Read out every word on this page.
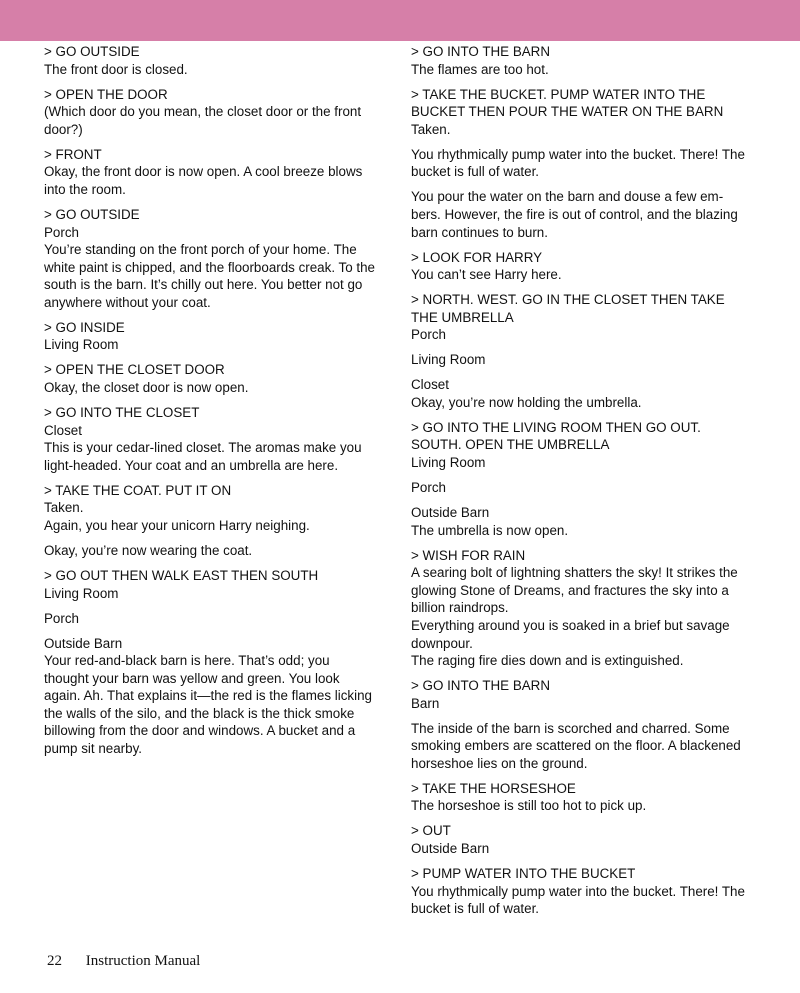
> GO OUTSIDE
The front door is closed.
> OPEN THE DOOR
(Which door do you mean, the closet door or the front
door?)
> FRONT
Okay, the front door is now open. A cool breeze blows
into the room.
> GO OUTSIDE
Porch
You’re standing on the front porch of your home. The
white paint is chipped, and the floorboards creak. To the
south is the barn. It’s chilly out here. You better not go
anywhere without your coat.
> GO INSIDE
Living Room
> OPEN THE CLOSET DOOR
Okay, the closet door is now open.
> GO INTO THE CLOSET
Closet
This is your cedar-lined closet. The aromas make you
light-headed. Your coat and an umbrella are here.
> TAKE THE COAT. PUT IT ON
Taken.
Again, you hear your unicorn Harry neighing.
Okay, you’re now wearing the coat.
> GO OUT THEN WALK EAST THEN SOUTH
Living Room
Porch
Outside Barn
Your red-and-black barn is here. That’s odd; you
thought your barn was yellow and green. You look
again. Ah. That explains it—the red is the flames licking
the walls of the silo, and the black is the thick smoke
billowing from the door and windows. A bucket and a
pump sit nearby.
> GO INTO THE BARN
The flames are too hot.
> TAKE THE BUCKET. PUMP WATER INTO THE
BUCKET THEN POUR THE WATER ON THE BARN
Taken.
You rhythmically pump water into the bucket. There! The
bucket is full of water.
You pour the water on the barn and douse a few em-
bers. However, the fire is out of control, and the blazing
barn continues to burn.
> LOOK FOR HARRY
You can’t see Harry here.
> NORTH. WEST. GO IN THE CLOSET THEN TAKE
THE UMBRELLA
Porch
Living Room
Closet
Okay, you’re now holding the umbrella.
> GO INTO THE LIVING ROOM THEN GO OUT.
SOUTH. OPEN THE UMBRELLA
Living Room
Porch
Outside Barn
The umbrella is now open.
> WISH FOR RAIN
A searing bolt of lightning shatters the sky! It strikes the
glowing Stone of Dreams, and fractures the sky into a
billion raindrops.
Everything around you is soaked in a brief but savage
downpour.
The raging fire dies down and is extinguished.
> GO INTO THE BARN
Barn
The inside of the barn is scorched and charred. Some
smoking embers are scattered on the floor. A blackened
horseshoe lies on the ground.
> TAKE THE HORSESHOE
The horseshoe is still too hot to pick up.
> OUT
Outside Barn
> PUMP WATER INTO THE BUCKET
You rhythmically pump water into the bucket. There! The
bucket is full of water.
22 Instruction Manual
